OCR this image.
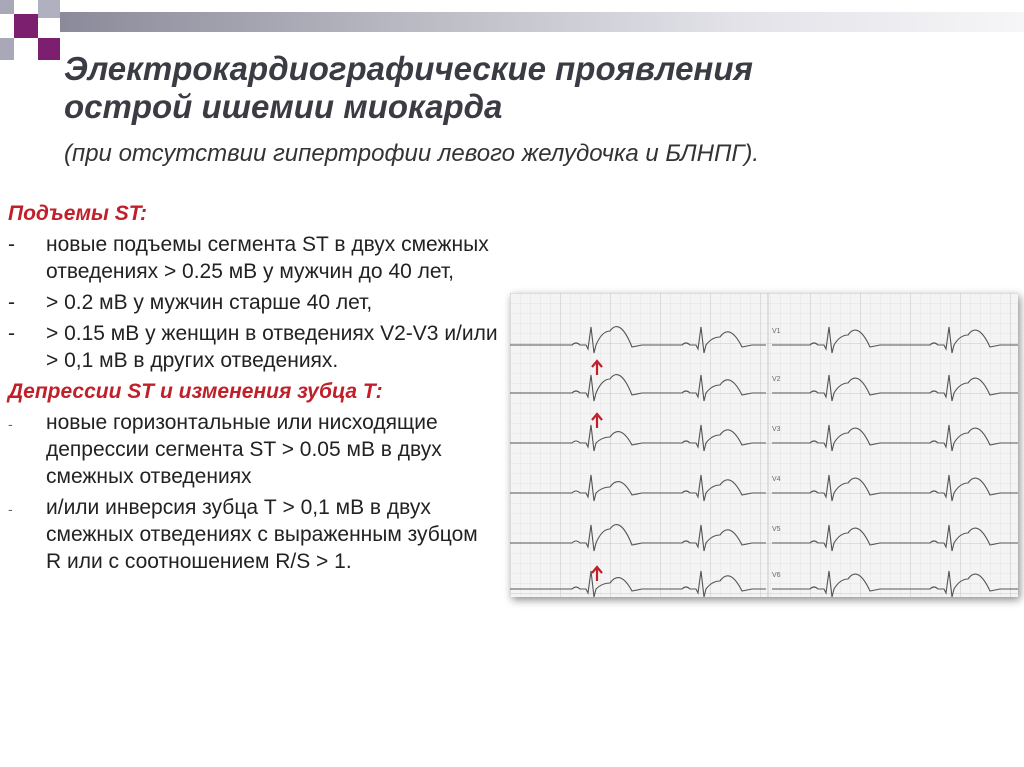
Электрокардиографические проявления
острой ишемии миокарда
(при отсутствии гипертрофии левого желудочка и БЛНПГ).
Подъемы ST:
-	новые подъемы сегмента ST в двух смежных отведениях > 0.25 мВ у мужчин до 40 лет,
-	> 0.2 мВ у мужчин старше 40 лет,
-	> 0.15 мВ у женщин в отведениях V2-V3 и/или > 0,1 мВ в других отведениях.
Депрессии ST и изменения зубца Т:
-	новые горизонтальные или нисходящие депрессии сегмента ST > 0.05 мВ в двух смежных отведениях
-	и/или инверсия зубца Т > 0,1 мВ в двух смежных отведениях с выраженным зубцом R или с соотношением R/S > 1.
V1
V2
V3
V4
V5
V6
